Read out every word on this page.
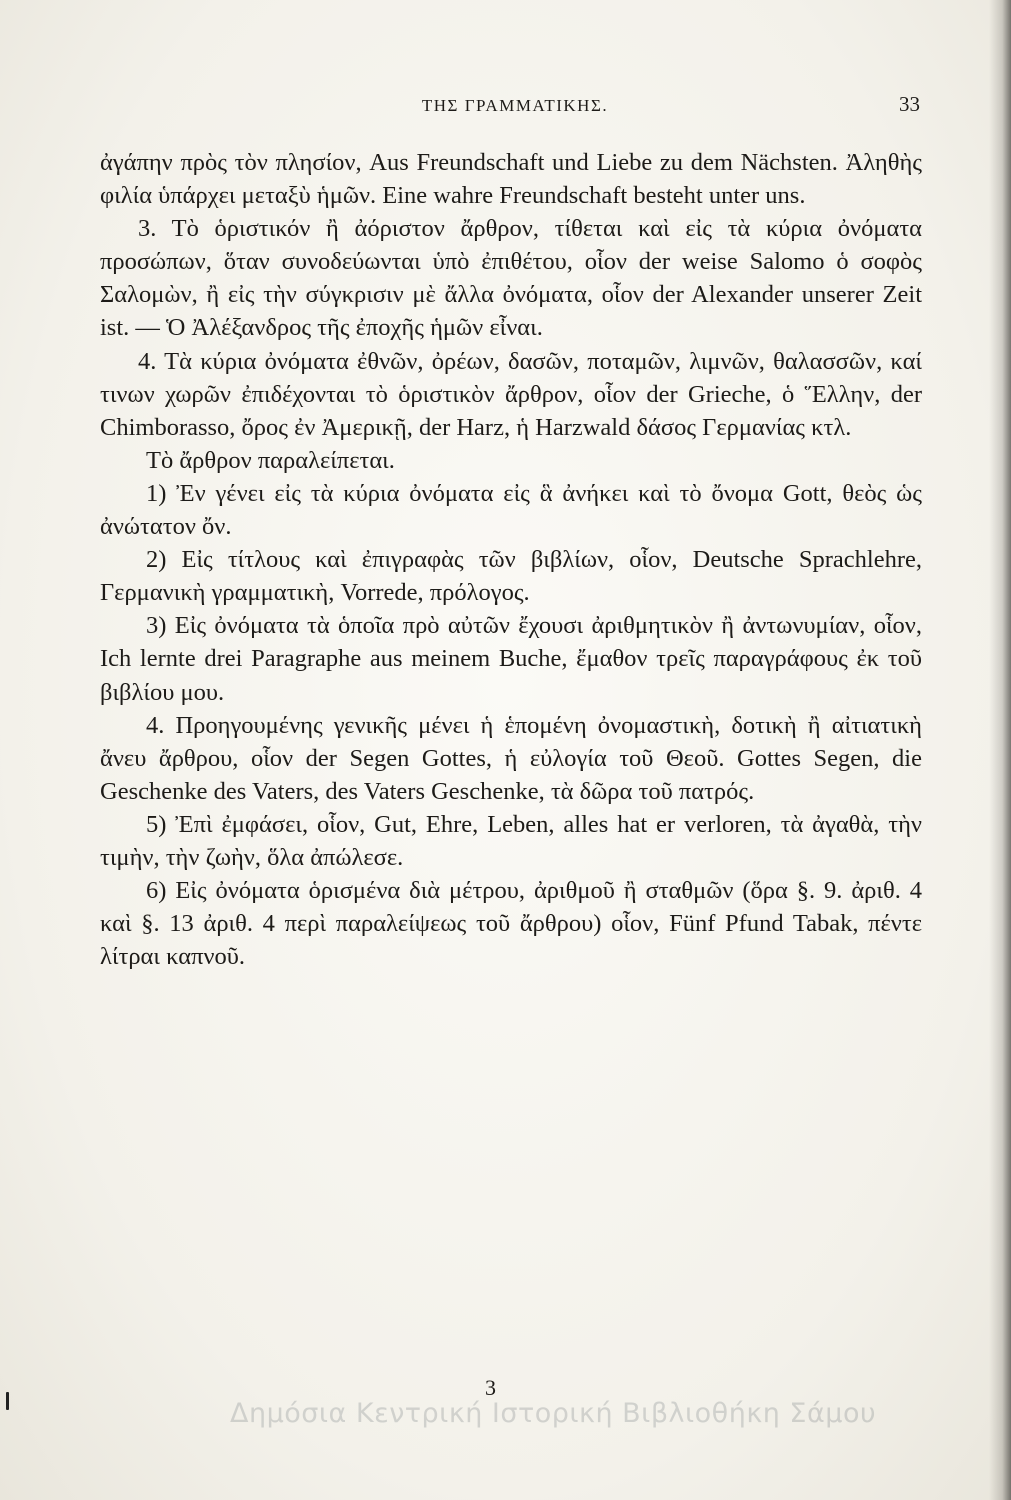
ΤΗΣ ΓΡΑΜΜΑΤΙΚΗΣ.	33

ἀγάπην πρὸς τὸν πλησίον, Aus Freundschaft und Liebe zu dem Nächsten. Ἀληθὴς φιλία ὑπάρχει μεταξὺ ἡμῶν. Eine wahre Freundschaft besteht unter uns.

3. Τὸ ὁριστικόν ἢ ἀόριστον ἄρθρον, τίθεται καὶ εἰς τὰ κύρια ὀνόματα προσώπων, ὅταν συνοδεύωνται ὑπὸ ἐπιθέτου, οἷον der weise Salomo ὁ σοφὸς Σαλομὼν, ἢ εἰς τὴν σύγκρισιν μὲ ἄλλα ὀνόματα, οἷον der Alexander unserer Zeit ist. — Ὁ Ἀλέξανδρος τῆς ἐποχῆς ἡμῶν εἶναι.

4. Τὰ κύρια ὀνόματα ἐθνῶν, ὀρέων, δασῶν, ποταμῶν, λιμνῶν, θαλασσῶν, καί τινων χωρῶν ἐπιδέχονται τὸ ὁριστικὸν ἄρθρον, οἷον der Grieche, ὁ Ἕλλην, der Chimborasso, ὄρος ἐν Ἀμερικῇ, der Harz, ἡ Harzwald δάσος Γερμανίας κτλ.

Τὸ ἄρθρον παραλείπεται.

1) Ἐν γένει εἰς τὰ κύρια ὀνόματα εἰς ἃ ἀνήκει καὶ τὸ ὄνομα Gott, θεὸς ὡς ἀνώτατον ὄν.

2) Εἰς τίτλους καὶ ἐπιγραφὰς τῶν βιβλίων, οἷον, Deutsche Sprachlehre, Γερμανικὴ γραμματικὴ, Vorrede, πρόλογος.

3) Εἰς ὀνόματα τὰ ὁποῖα πρὸ αὐτῶν ἔχουσι ἀριθμητικὸν ἢ ἀντωνυμίαν, οἷον, Ich lernte drei Paragraphe aus meinem Buche, ἔμαθον τρεῖς παραγράφους ἐκ τοῦ βιβλίου μου.

4. Προηγουμένης γενικῆς μένει ἡ ἑπομένη ὀνομαστικὴ, δοτικὴ ἢ αἰτιατικὴ ἄνευ ἄρθρου, οἷον der Segen Gottes, ἡ εὐλογία τοῦ Θεοῦ. Gottes Segen, die Geschenke des Vaters, des Vaters Geschenke, τὰ δῶρα τοῦ πατρός.

5) Ἐπὶ ἐμφάσει, οἷον, Gut, Ehre, Leben, alles hat er verloren, τὰ ἀγαθὰ, τὴν τιμὴν, τὴν ζωὴν, ὅλα ἀπώλεσε.

6) Εἰς ὀνόματα ὁρισμένα διὰ μέτρου, ἀριθμοῦ ἢ σταθμῶν (ὅρα §. 9. ἀριθ. 4 καὶ §. 13 ἀριθ. 4 περὶ παραλείψεως τοῦ ἄρθρου) οἷον, Fünf Pfund Tabak, πέντε λίτραι καπνοῦ.

3
Δημόσια Κεντρική Ιστορική Βιβλιοθήκη Σάμου
